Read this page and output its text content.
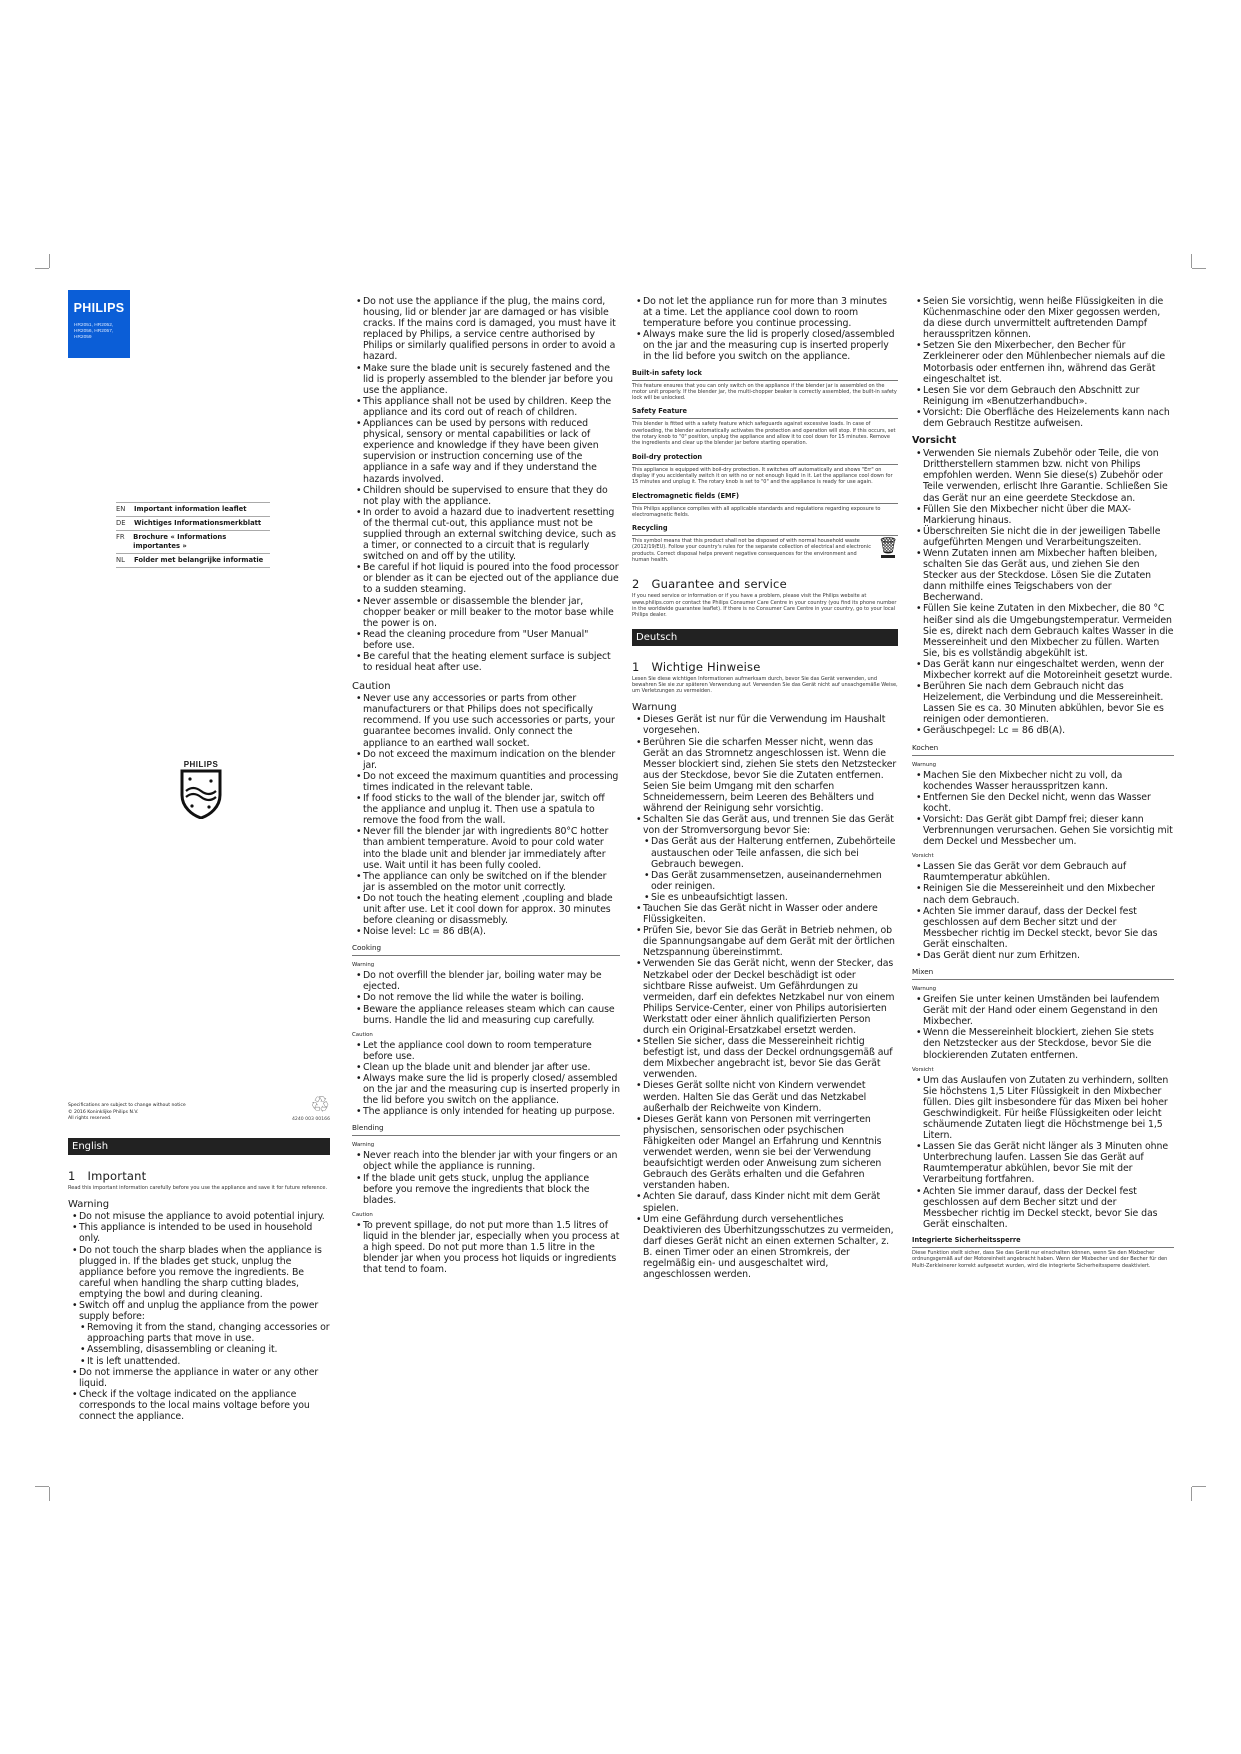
PHILIPS
HR2051, HR2052,
HR2056, HR2057,
HR2059
EN Important information leaflet
DE Wichtiges Informationsmerkblatt
FR Brochure « Informations importantes »
NL Folder met belangrijke informatie
PHILIPS
Specifications are subject to change without notice
© 2016 Koninklijke Philips N.V.
All rights reserved.
♲
4240 003 00166
English
1 Important
Read this important information carefully before you use the appliance and save it for future reference.
Warning
• Do not misuse the appliance to avoid potential injury.
• This appliance is intended to be used in household only.
• Do not touch the sharp blades when the appliance is plugged in. If the blades get stuck, unplug the appliance before you remove the ingredients. Be careful when handling the sharp cutting blades, emptying the bowl and during cleaning.
• Switch off and unplug the appliance from the power supply before:
• Removing it from the stand, changing accessories or approaching parts that move in use.
• Assembling, disassembling or cleaning it.
• It is left unattended.
• Do not immerse the appliance in water or any other liquid.
• Check if the voltage indicated on the appliance corresponds to the local mains voltage before you connect the appliance.
• Do not use the appliance if the plug, the mains cord, housing, lid or blender jar are damaged or has visible cracks. If the mains cord is damaged, you must have it replaced by Philips, a service centre authorised by Philips or similarly qualified persons in order to avoid a hazard.
• Make sure the blade unit is securely fastened and the lid is properly assembled to the blender jar before you use the appliance.
• This appliance shall not be used by children. Keep the appliance and its cord out of reach of children.
• Appliances can be used by persons with reduced physical, sensory or mental capabilities or lack of experience and knowledge if they have been given supervision or instruction concerning use of the appliance in a safe way and if they understand the hazards involved.
• Children should be supervised to ensure that they do not play with the appliance.
• In order to avoid a hazard due to inadvertent resetting of the thermal cut-out, this appliance must not be supplied through an external switching device, such as a timer, or connected to a circuit that is regularly switched on and off by the utility.
• Be careful if hot liquid is poured into the food processor or blender as it can be ejected out of the appliance due to a sudden steaming.
• Never assemble or disassemble the blender jar, chopper beaker or mill beaker to the motor base while the power is on.
• Read the cleaning procedure from "User Manual" before use.
• Be careful that the heating element surface is subject to residual heat after use.
Caution
• Never use any accessories or parts from other manufacturers or that Philips does not specifically recommend. If you use such accessories or parts, your guarantee becomes invalid. Only connect the appliance to an earthed wall socket.
• Do not exceed the maximum indication on the blender jar.
• Do not exceed the maximum quantities and processing times indicated in the relevant table.
• If food sticks to the wall of the blender jar, switch off the appliance and unplug it. Then use a spatula to remove the food from the wall.
• Never fill the blender jar with ingredients 80°C hotter than ambient temperature. Avoid to pour cold water into the blade unit and blender jar immediately after use. Wait until it has been fully cooled.
• The appliance can only be switched on if the blender jar is assembled on the motor unit correctly.
• Do not touch the heating element ,coupling and blade unit after use. Let it cool down for approx. 30 minutes before cleaning or disassmebly.
• Noise level: Lc = 86 dB(A).
Cooking
Warning
• Do not overfill the blender jar, boiling water may be ejected.
• Do not remove the lid while the water is boiling.
• Beware the appliance releases steam which can cause burns. Handle the lid and measuring cup carefully.
Caution
• Let the appliance cool down to room temperature before use.
• Clean up the blade unit and blender jar after use.
• Always make sure the lid is properly closed/ assembled on the jar and the measuring cup is inserted properly in the lid before you switch on the appliance.
• The appliance is only intended for heating up purpose.
Blending
Warning
• Never reach into the blender jar with your fingers or an object while the appliance is running.
• If the blade unit gets stuck, unplug the appliance before you remove the ingredients that block the blades.
Caution
• To prevent spillage, do not put more than 1.5 litres of liquid in the blender jar, especially when you process at a high speed. Do not put more than 1.5 litre in the blender jar when you process hot liquids or ingredients that tend to foam.
• Do not let the appliance run for more than 3 minutes at a time. Let the appliance cool down to room temperature before you continue processing.
• Always make sure the lid is properly closed/assembled on the jar and the measuring cup is inserted properly in the lid before you switch on the appliance.
Built-in safety lock
This feature ensures that you can only switch on the appliance if the blender jar is assembled on the motor unit properly. If the blender jar, the multi-chopper beaker is correctly assembled, the built-in safety lock will be unlocked.
Safety Feature
This blender is fitted with a safety feature which safeguards against excessive loads. In case of overloading, the blender automatically activates the protection and operation will stop. If this occurs, set the rotary knob to "0" position, unplug the appliance and allow it to cool down for 15 minutes. Remove the ingredients and clear up the blender jar before starting operation.
Boil-dry protection
This appliance is equipped with boil-dry protection. It switches off automatically and shows "Err" on display if you accidentally switch it on with no or not enough liquid in it. Let the appliance cool down for 15 minutes and unplug it. The rotary knob is set to "0" and the appliance is ready for use again.
Electromagnetic fields (EMF)
This Philips appliance complies with all applicable standards and regulations regarding exposure to electromagnetic fields.
Recycling
This symbol means that this product shall not be disposed of with normal household waste (2012/19/EU). Follow your country's rules for the separate collection of electrical and electronic products. Correct disposal helps prevent negative consequences for the environment and human health.
🗑
2 Guarantee and service
If you need service or information or if you have a problem, please visit the Philips website at www.philips.com or contact the Philips Consumer Care Centre in your country (you find its phone number in the worldwide guarantee leaflet). If there is no Consumer Care Centre in your country, go to your local Philips dealer.
Deutsch
1 Wichtige Hinweise
Lesen Sie diese wichtigen Informationen aufmerksam durch, bevor Sie das Gerät verwenden, und bewahren Sie sie zur späteren Verwendung auf. Verwenden Sie das Gerät nicht auf unsachgemäße Weise, um Verletzungen zu vermeiden.
Warnung
• Dieses Gerät ist nur für die Verwendung im Haushalt vorgesehen.
• Berühren Sie die scharfen Messer nicht, wenn das Gerät an das Stromnetz angeschlossen ist. Wenn die Messer blockiert sind, ziehen Sie stets den Netzstecker aus der Steckdose, bevor Sie die Zutaten entfernen. Seien Sie beim Umgang mit den scharfen Schneidemessern, beim Leeren des Behälters und während der Reinigung sehr vorsichtig.
• Schalten Sie das Gerät aus, und trennen Sie das Gerät von der Stromversorgung bevor Sie:
• Das Gerät aus der Halterung entfernen, Zubehörteile austauschen oder Teile anfassen, die sich bei Gebrauch bewegen.
• Das Gerät zusammensetzen, auseinandernehmen oder reinigen.
• Sie es unbeaufsichtigt lassen.
• Tauchen Sie das Gerät nicht in Wasser oder andere Flüssigkeiten.
• Prüfen Sie, bevor Sie das Gerät in Betrieb nehmen, ob die Spannungsangabe auf dem Gerät mit der örtlichen Netzspannung übereinstimmt.
• Verwenden Sie das Gerät nicht, wenn der Stecker, das Netzkabel oder der Deckel beschädigt ist oder sichtbare Risse aufweist. Um Gefährdungen zu vermeiden, darf ein defektes Netzkabel nur von einem Philips Service-Center, einer von Philips autorisierten Werkstatt oder einer ähnlich qualifizierten Person durch ein Original-Ersatzkabel ersetzt werden.
• Stellen Sie sicher, dass die Messereinheit richtig befestigt ist, und dass der Deckel ordnungsgemäß auf dem Mixbecher angebracht ist, bevor Sie das Gerät verwenden.
• Dieses Gerät sollte nicht von Kindern verwendet werden. Halten Sie das Gerät und das Netzkabel außerhalb der Reichweite von Kindern.
• Dieses Gerät kann von Personen mit verringerten physischen, sensorischen oder psychischen Fähigkeiten oder Mangel an Erfahrung und Kenntnis verwendet werden, wenn sie bei der Verwendung beaufsichtigt werden oder Anweisung zum sicheren Gebrauch des Geräts erhalten und die Gefahren verstanden haben.
• Achten Sie darauf, dass Kinder nicht mit dem Gerät spielen.
• Um eine Gefährdung durch versehentliches Deaktivieren des Überhitzungsschutzes zu vermeiden, darf dieses Gerät nicht an einen externen Schalter, z. B. einen Timer oder an einen Stromkreis, der regelmäßig ein- und ausgeschaltet wird, angeschlossen werden.
• Seien Sie vorsichtig, wenn heiße Flüssigkeiten in die Küchenmaschine oder den Mixer gegossen werden, da diese durch unvermittelt auftretenden Dampf herausspritzen können.
• Setzen Sie den Mixerbecher, den Becher für Zerkleinerer oder den Mühlenbecher niemals auf die Motorbasis oder entfernen ihn, während das Gerät eingeschaltet ist.
• Lesen Sie vor dem Gebrauch den Abschnitt zur Reinigung im «Benutzerhandbuch».
• Vorsicht: Die Oberfläche des Heizelements kann nach dem Gebrauch Restitze aufweisen.
Vorsicht
• Verwenden Sie niemals Zubehör oder Teile, die von Drittherstellern stammen bzw. nicht von Philips empfohlen werden. Wenn Sie diese(s) Zubehör oder Teile verwenden, erlischt Ihre Garantie. Schließen Sie das Gerät nur an eine geerdete Steckdose an.
• Füllen Sie den Mixbecher nicht über die MAX-Markierung hinaus.
• Überschreiten Sie nicht die in der jeweiligen Tabelle aufgeführten Mengen und Verarbeitungszeiten.
• Wenn Zutaten innen am Mixbecher haften bleiben, schalten Sie das Gerät aus, und ziehen Sie den Stecker aus der Steckdose. Lösen Sie die Zutaten dann mithilfe eines Teigschabers von der Becherwand.
• Füllen Sie keine Zutaten in den Mixbecher, die 80 °C heißer sind als die Umgebungstemperatur. Vermeiden Sie es, direkt nach dem Gebrauch kaltes Wasser in die Messereinheit und den Mixbecher zu füllen. Warten Sie, bis es vollständig abgekühlt ist.
• Das Gerät kann nur eingeschaltet werden, wenn der Mixbecher korrekt auf die Motoreinheit gesetzt wurde.
• Berühren Sie nach dem Gebrauch nicht das Heizelement, die Verbindung und die Messereinheit. Lassen Sie es ca. 30 Minuten abkühlen, bevor Sie es reinigen oder demontieren.
• Geräuschpegel: Lc = 86 dB(A).
Kochen
Warnung
• Machen Sie den Mixbecher nicht zu voll, da kochendes Wasser herausspritzen kann.
• Entfernen Sie den Deckel nicht, wenn das Wasser kocht.
• Vorsicht: Das Gerät gibt Dampf frei; dieser kann Verbrennungen verursachen. Gehen Sie vorsichtig mit dem Deckel und Messbecher um.
Vorsicht
• Lassen Sie das Gerät vor dem Gebrauch auf Raumtemperatur abkühlen.
• Reinigen Sie die Messereinheit und den Mixbecher nach dem Gebrauch.
• Achten Sie immer darauf, dass der Deckel fest geschlossen auf dem Becher sitzt und der Messbecher richtig im Deckel steckt, bevor Sie das Gerät einschalten.
• Das Gerät dient nur zum Erhitzen.
Mixen
Warnung
• Greifen Sie unter keinen Umständen bei laufendem Gerät mit der Hand oder einem Gegenstand in den Mixbecher.
• Wenn die Messereinheit blockiert, ziehen Sie stets den Netzstecker aus der Steckdose, bevor Sie die blockierenden Zutaten entfernen.
Vorsicht
• Um das Auslaufen von Zutaten zu verhindern, sollten Sie höchstens 1,5 Liter Flüssigkeit in den Mixbecher füllen. Dies gilt insbesondere für das Mixen bei hoher Geschwindigkeit. Für heiße Flüssigkeiten oder leicht schäumende Zutaten liegt die Höchstmenge bei 1,5 Litern.
• Lassen Sie das Gerät nicht länger als 3 Minuten ohne Unterbrechung laufen. Lassen Sie das Gerät auf Raumtemperatur abkühlen, bevor Sie mit der Verarbeitung fortfahren.
• Achten Sie immer darauf, dass der Deckel fest geschlossen auf dem Becher sitzt und der Messbecher richtig im Deckel steckt, bevor Sie das Gerät einschalten.
Integrierte Sicherheitssperre
Diese Funktion stellt sicher, dass Sie das Gerät nur einschalten können, wenn Sie den Mixbecher ordnungsgemäß auf der Motoreinheit angebracht haben. Wenn der Mixbecher und der Becher für den Multi-Zerkleinerer korrekt aufgesetzt wurden, wird die integrierte Sicherheitssperre deaktiviert.
